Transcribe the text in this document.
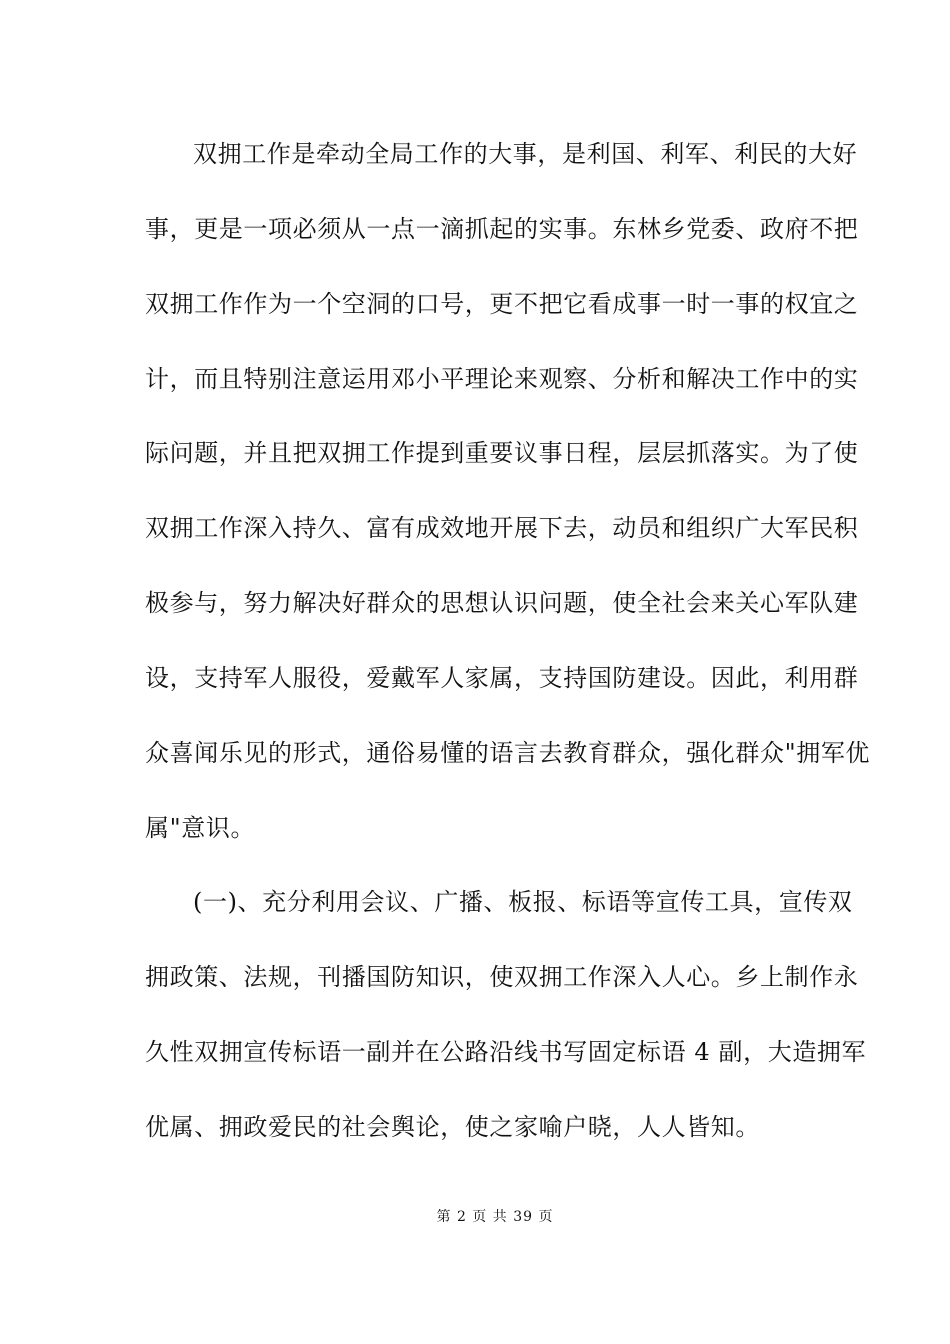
双拥工作是牵动全局工作的大事，是利国、利军、利民的大好
事，更是一项必须从一点一滴抓起的实事。东林乡党委、政府不把
双拥工作作为一个空洞的口号，更不把它看成事一时一事的权宜之
计，而且特别注意运用邓小平理论来观察、分析和解决工作中的实
际问题，并且把双拥工作提到重要议事日程，层层抓落实。为了使
双拥工作深入持久、富有成效地开展下去，动员和组织广大军民积
极参与，努力解决好群众的思想认识问题，使全社会来关心军队建
设，支持军人服役，爱戴军人家属，支持国防建设。因此，利用群
众喜闻乐见的形式，通俗易懂的语言去教育群众，强化群众"拥军优
属"意识。
(一)、充分利用会议、广播、板报、标语等宣传工具，宣传双
拥政策、法规，刊播国防知识，使双拥工作深入人心。乡上制作永
久性双拥宣传标语一副并在公路沿线书写固定标语 4 副，大造拥军
优属、拥政爱民的社会舆论，使之家喻户晓，人人皆知。
第 2 页 共 39 页
